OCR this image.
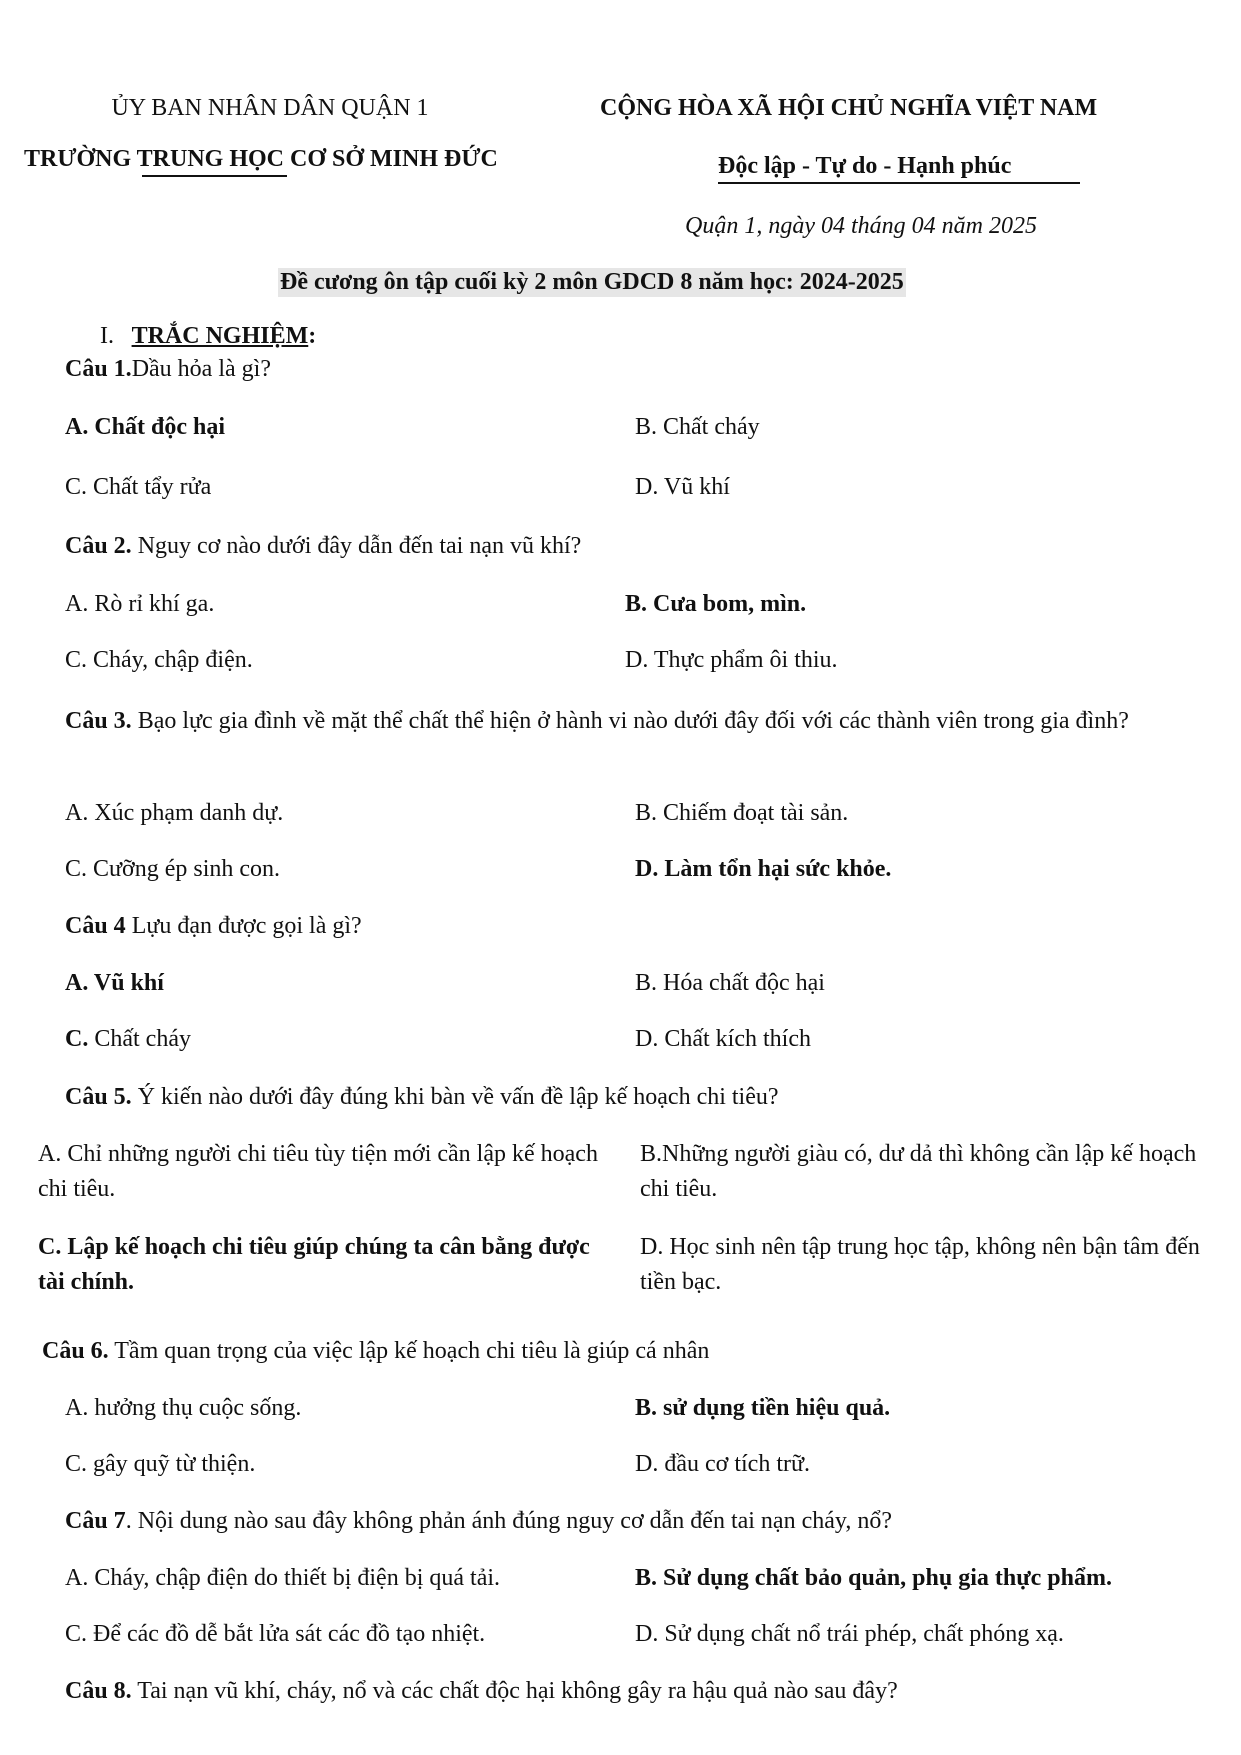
ỦY BAN NHÂN DÂN QUẬN 1
TRƯỜNG TRUNG HỌC CƠ SỞ MINH ĐỨC
CỘNG HÒA XÃ HỘI CHỦ NGHĨA VIỆT NAM
Độc lập - Tự do - Hạnh phúc
Quận 1, ngày 04 tháng 04 năm 2025
Đề cương ôn tập cuối kỳ 2 môn GDCD 8 năm học: 2024-2025
I. TRẮC NGHIỆM:
Câu 1.Dầu hỏa là gì?
A. Chất độc hại	B. Chất cháy
C. Chất tẩy rửa	D. Vũ khí
Câu 2. Nguy cơ nào dưới đây dẫn đến tai nạn vũ khí?
A. Rò rỉ khí ga.	B. Cưa bom, mìn.
C. Cháy, chập điện.	D. Thực phẩm ôi thiu.
Câu 3. Bạo lực gia đình về mặt thể chất thể hiện ở hành vi nào dưới đây đối với các thành viên trong gia đình?
A. Xúc phạm danh dự.	B. Chiếm đoạt tài sản.
C. Cưỡng ép sinh con.	D. Làm tổn hại sức khỏe.
Câu 4 Lựu đạn được gọi là gì?
A. Vũ khí	B. Hóa chất độc hại
C. Chất cháy	D. Chất kích thích
Câu 5. Ý kiến nào dưới đây đúng khi bàn về vấn đề lập kế hoạch chi tiêu?
A. Chỉ những người chi tiêu tùy tiện mới cần lập kế hoạch chi tiêu.
B.Những người giàu có, dư dả thì không cần lập kế hoạch chi tiêu.
C. Lập kế hoạch chi tiêu giúp chúng ta cân bằng được tài chính.
D. Học sinh nên tập trung học tập, không nên bận tâm đến tiền bạc.
Câu 6. Tầm quan trọng của việc lập kế hoạch chi tiêu là giúp cá nhân
A. hưởng thụ cuộc sống.	B. sử dụng tiền hiệu quả.
C. gây quỹ từ thiện.	D. đầu cơ tích trữ.
Câu 7. Nội dung nào sau đây không phản ánh đúng nguy cơ dẫn đến tai nạn cháy, nổ?
A. Cháy, chập điện do thiết bị điện bị quá tải.	B. Sử dụng chất bảo quản, phụ gia thực phẩm.
C. Để các đồ dễ bắt lửa sát các đồ tạo nhiệt.	D. Sử dụng chất nổ trái phép, chất phóng xạ.
Câu 8. Tai nạn vũ khí, cháy, nổ và các chất độc hại không gây ra hậu quả nào sau đây?
